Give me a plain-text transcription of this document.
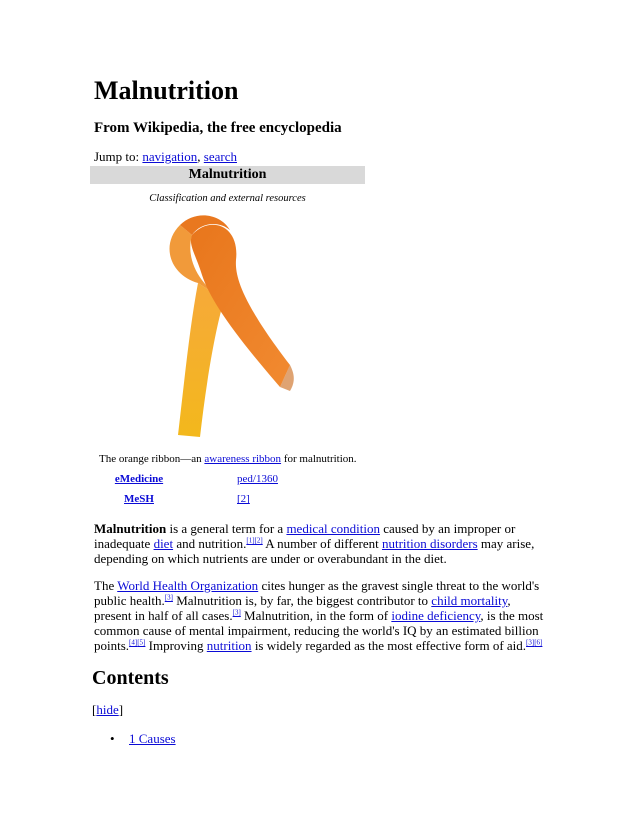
Malnutrition
From Wikipedia, the free encyclopedia
Jump to: navigation, search
Malnutrition
Classification and external resources
The orange ribbon—an awareness ribbon for malnutrition.
eMedicine	ped/1360
MeSH	[2]

Malnutrition is a general term for a medical condition caused by an improper or inadequate diet and nutrition.[1][2] A number of different nutrition disorders may arise, depending on which nutrients are under or overabundant in the diet.

The World Health Organization cites hunger as the gravest single threat to the world's public health.[3] Malnutrition is, by far, the biggest contributor to child mortality, present in half of all cases.[3] Malnutrition, in the form of iodine deficiency, is the most common cause of mental impairment, reducing the world's IQ by an estimated billion points.[4][5] Improving nutrition is widely regarded as the most effective form of aid.[3][6]

Contents
[hide]
• 1 Causes
